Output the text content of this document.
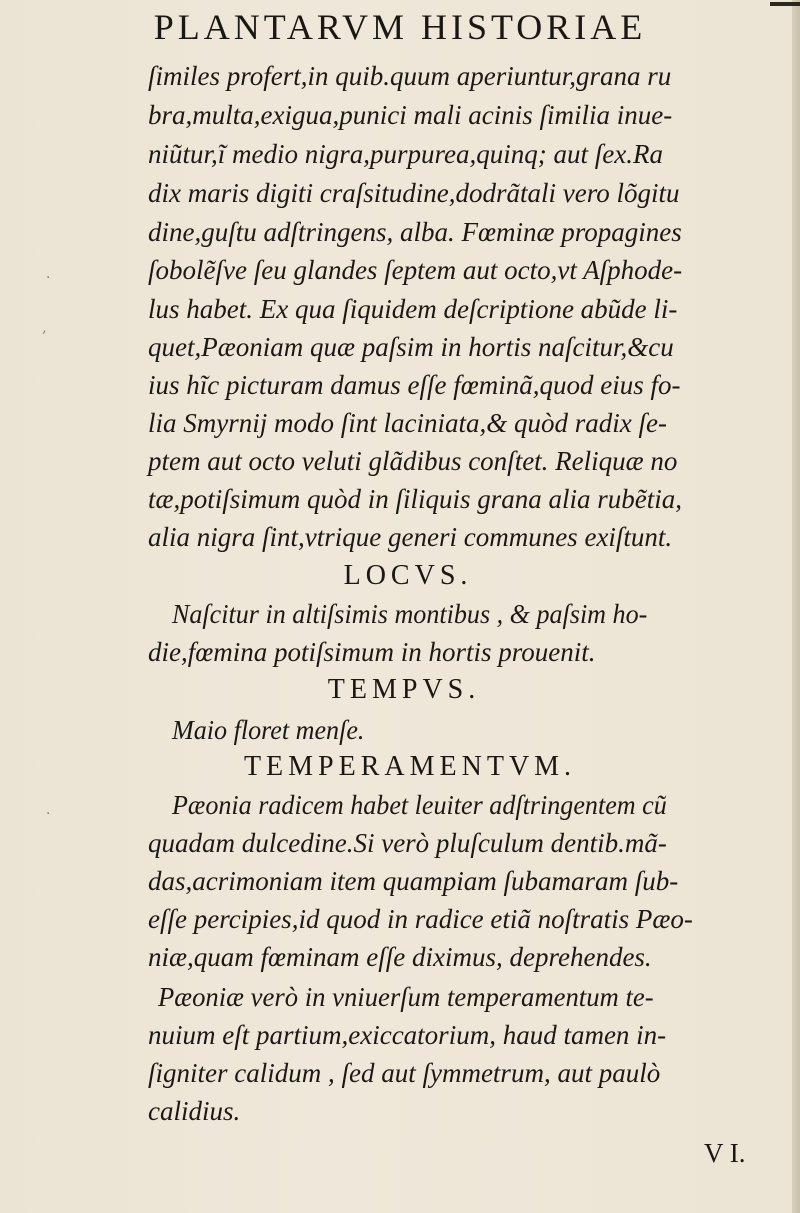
PLANTARVM HISTORIAE
ſimiles profert,in quib.quum aperiuntur,grana ru
bra,multa,exigua,punici mali acinis ſimilia inue-
niũtur,ĩ medio nigra,purpurea,quinq; aut ſex.Ra
dix maris digiti craſsitudine,dodrãtali vero lõgitu
dine,guſtu adſtringens, alba. Fœminæ propagines
ſobolẽſve ſeu glandes ſeptem aut octo,vt Aſphode-
lus habet. Ex qua ſiquidem deſcriptione abũde li-
quet,Pæoniam quæ paſsim in hortis naſcitur,&cu
ius hĩc picturam damus eſſe fœminã,quod eius fo-
lia Smyrnij modo ſint laciniata,& quòd radix ſe-
ptem aut octo veluti glãdibus conſtet. Reliquæ no
tæ,potiſsimum quòd in ſiliquis grana alia rubẽtia,
alia nigra ſint,vtrique generi communes exiſtunt.
LOCVS.
Naſcitur in altiſsimis montibus , & paſsim ho-
die,fœmina potiſsimum in hortis prouenit.
TEMPVS.
Maio floret menſe.
TEMPERAMENTVM.
Pæonia radicem habet leuiter adſtringentem cũ
quadam dulcedine.Si verò pluſculum dentib.mã-
das,acrimoniam item quampiam ſubamaram ſub-
eſſe percipies,id quod in radice etiã noſtratis Pæo-
niæ,quam fœminam eſſe diximus, deprehendes.
Pæoniæ verò in vniuerſum temperamentum te-
nuium eſt partium,exiccatorium, haud tamen in-
ſigniter calidum , ſed aut ſymmetrum, aut paulò
calidius.
V I.
·
‚
·
